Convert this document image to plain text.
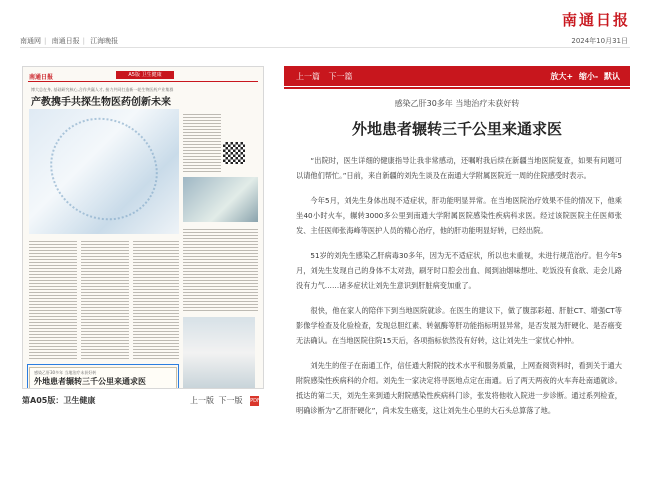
南通网 | 南通日报 | 江海晚报
南通日报
2024年10月31日
南通日报	A5版 卫生健康
博大总在身, 基础研究核心,合作共赢人才, 接力共同打造新一轮生物医药产业集群
产教携手共探生物医药创新未来
感染乙肝30多年 当地治疗未获好转
外地患者辗转三千公里来通求医
第A05版：卫生健康	上一版 下一版 PDF
上一篇 下一篇	放大+ 缩小- 默认
感染乙肝30多年 当地治疗未获好转
外地患者辗转三千公里来通求医

“出院时，医生详细的健康指导让我非常感动，还嘱咐我后续在新疆当地医院复查，如果有问题可以请他们帮忙。”日前，来自新疆的刘先生谈及在南通大学附属医院近一周的住院感受时表示。

今年5月，刘先生身体出现不适症状，肝功能明显异常。在当地医院治疗效果不佳的情况下，他乘坐40小时火车，辗转3000多公里到南通大学附属医院感染性疾病科求医。经过该院医院主任医师张发、主任医师张海峰等医护人员的精心治疗，他的肝功能明显好转，已经出院。

51岁的刘先生感染乙肝病毒30多年，因为无不适症状，所以也未重视，未进行规范治疗。但今年5月，刘先生发现自己的身体不太对劲，刷牙时口腔会出血、闻到油烟味想吐、吃饭没有食欲、走会儿路没有力气……诸多症状让刘先生意识到肝脏病变加重了。

很快，他在家人的陪伴下到当地医院就诊。在医生的建议下，做了腹部彩超、肝脏CT、增强CT等影像学检查及化验检查，发现总胆红素、转氨酶等肝功能指标明显异常，是否发展为肝硬化、是否癌变无法确认。在当地医院住院15天后，各项指标依然没有好转，这让刘先生一家忧心忡忡。

刘先生的侄子在南通工作，信任通大附院的技术水平和服务质量，上网查阅资料时，看到关于通大附院感染性疾病科的介绍。刘先生一家决定将寻医地点定在南通。后了两天两夜的火车奔赴南通就诊。抵达的第二天，刘先生来到通大附院感染性疾病科门诊，张发将他收入院进一步诊断。通过系列检查，明确诊断为“乙肝肝硬化”，尚未发生癌变，这让刘先生心里的大石头总算落了地。
